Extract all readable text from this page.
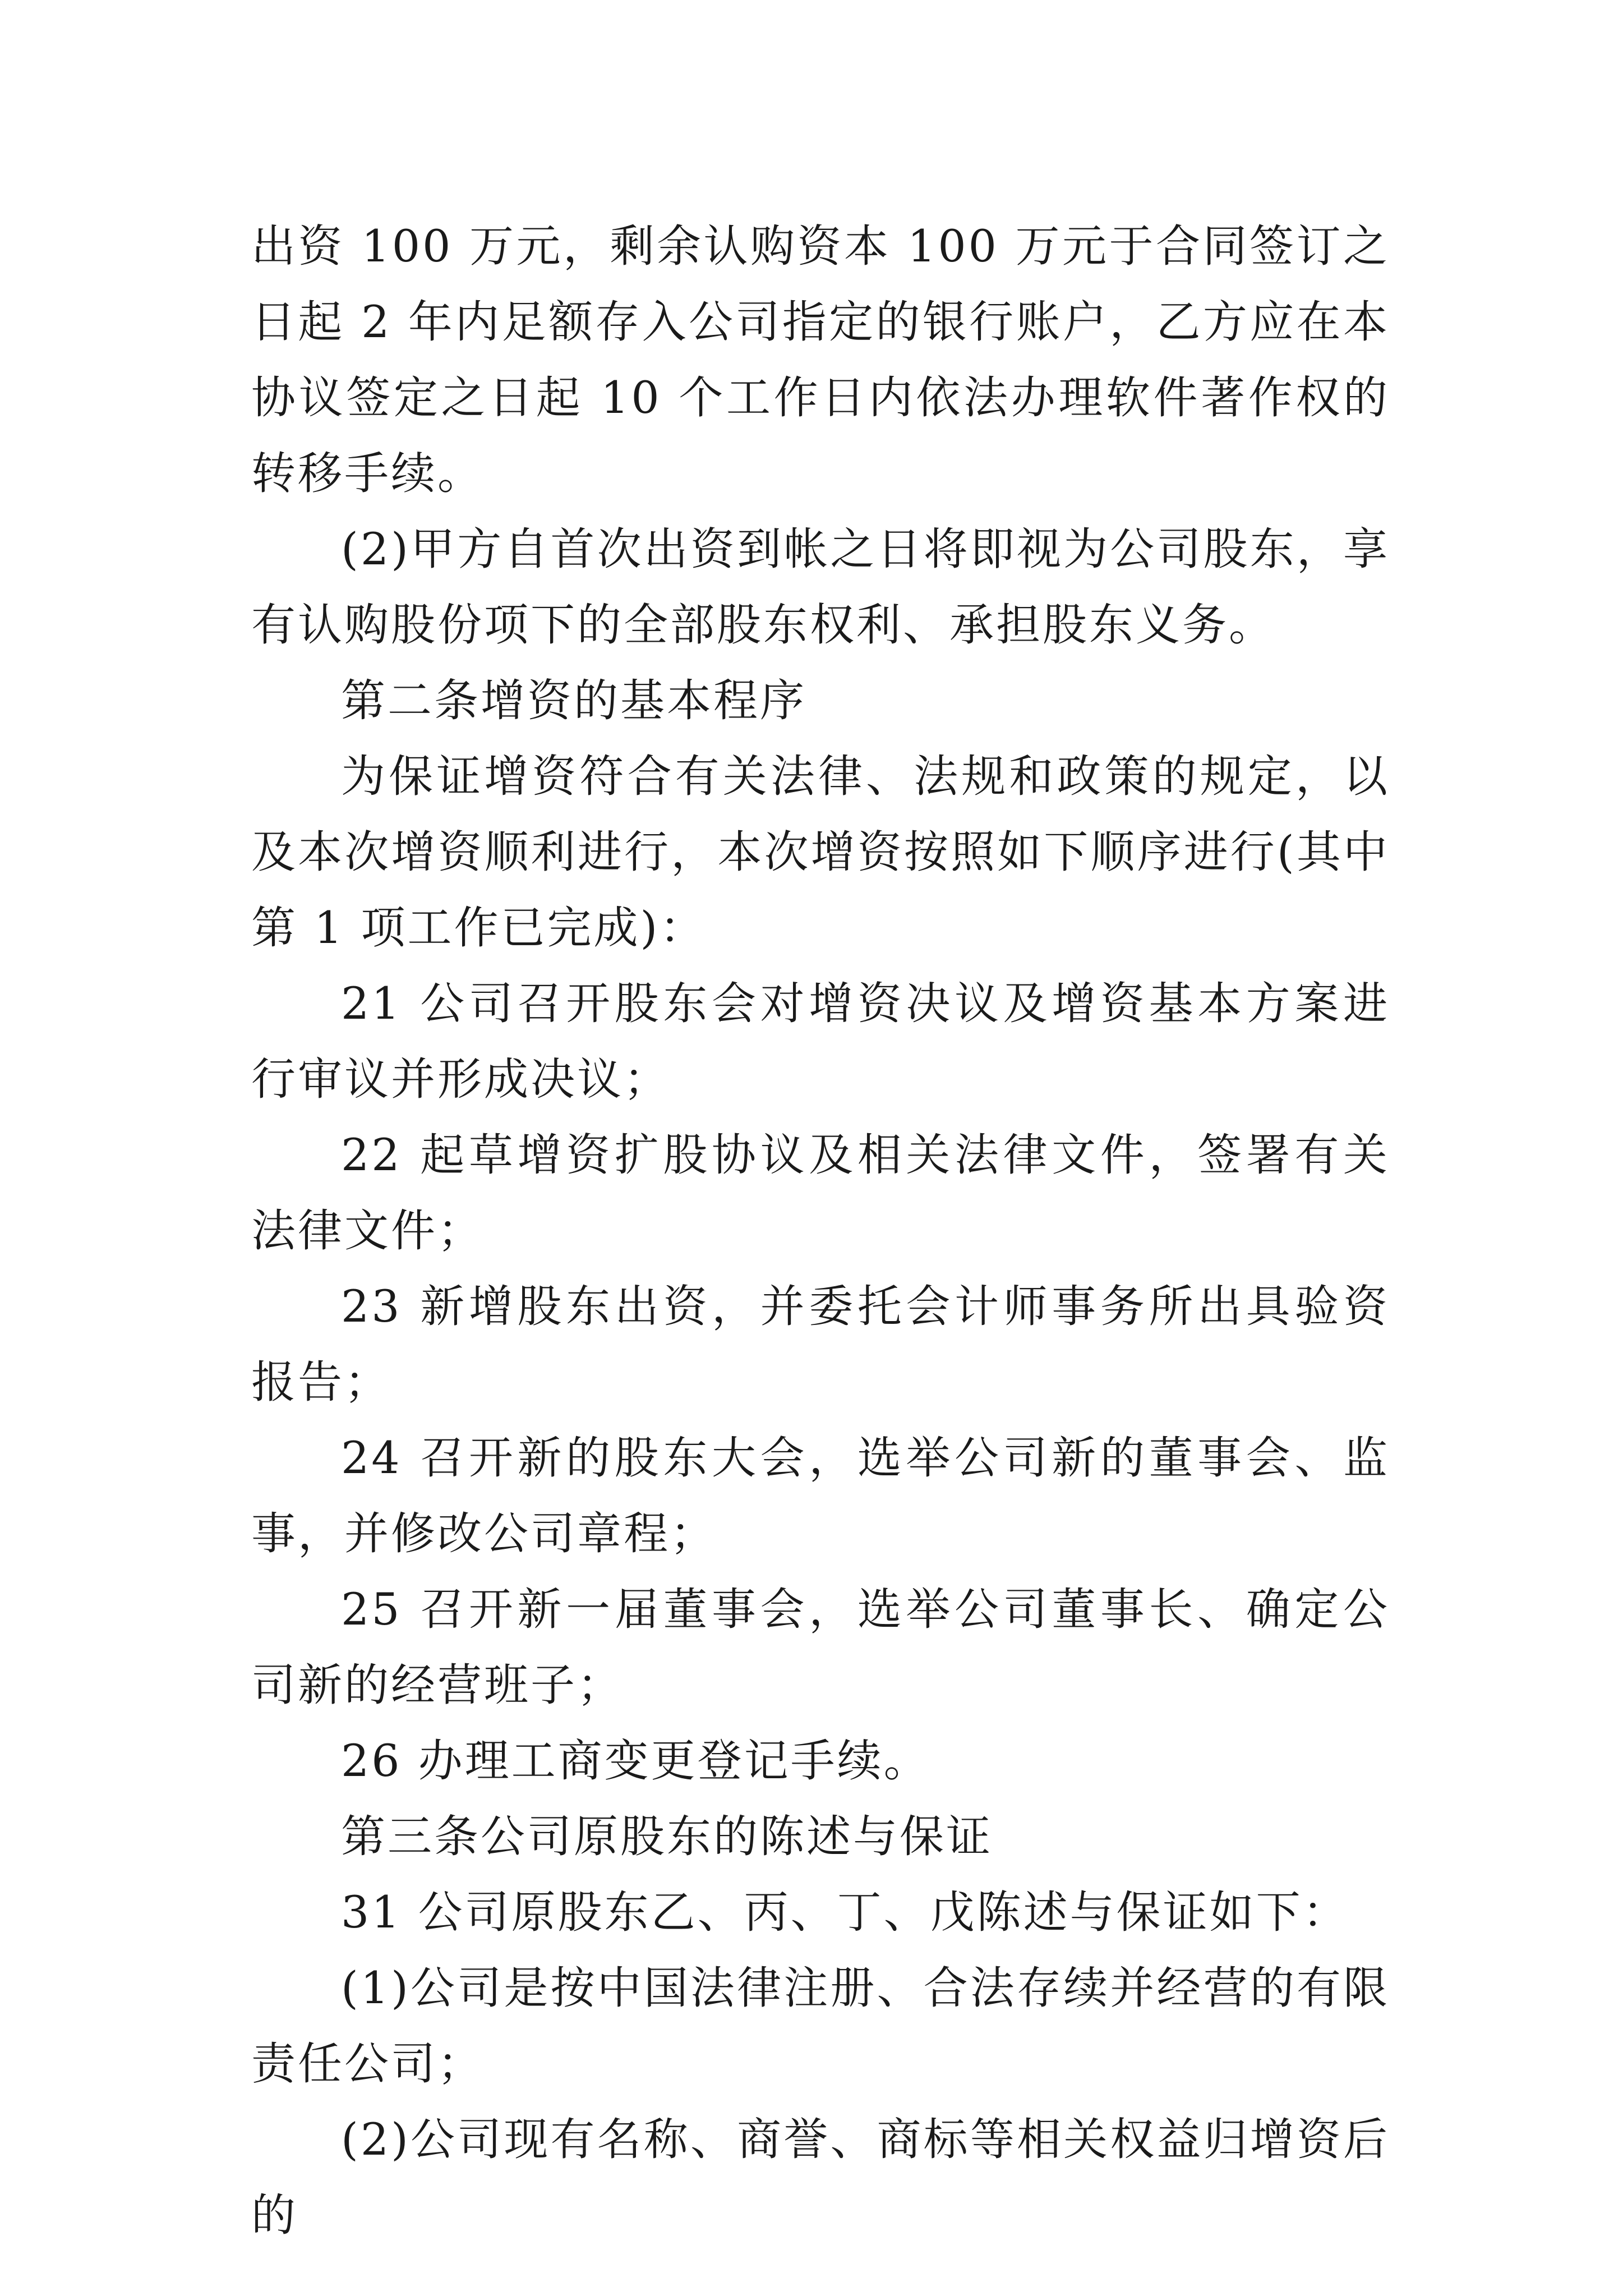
出资 100 万元，剩余认购资本 100 万元于合同签订之日起 2 年内足额存入公司指定的银行账户，乙方应在本协议签定之日起 10 个工作日内依法办理软件著作权的转移手续。

(2)甲方自首次出资到帐之日将即视为公司股东，享有认购股份项下的全部股东权利、承担股东义务。

第二条增资的基本程序

为保证增资符合有关法律、法规和政策的规定，以及本次增资顺利进行，本次增资按照如下顺序进行(其中第 1 项工作已完成)：

21 公司召开股东会对增资决议及增资基本方案进行审议并形成决议；

22 起草增资扩股协议及相关法律文件，签署有关法律文件；

23 新增股东出资，并委托会计师事务所出具验资报告；

24 召开新的股东大会，选举公司新的董事会、监事，并修改公司章程；

25 召开新一届董事会，选举公司董事长、确定公司新的经营班子；

26 办理工商变更登记手续。

第三条公司原股东的陈述与保证

31 公司原股东乙、丙、丁、戊陈述与保证如下：

(1)公司是按中国法律注册、合法存续并经营的有限责任公司；

(2)公司现有名称、商誉、商标等相关权益归增资后的
